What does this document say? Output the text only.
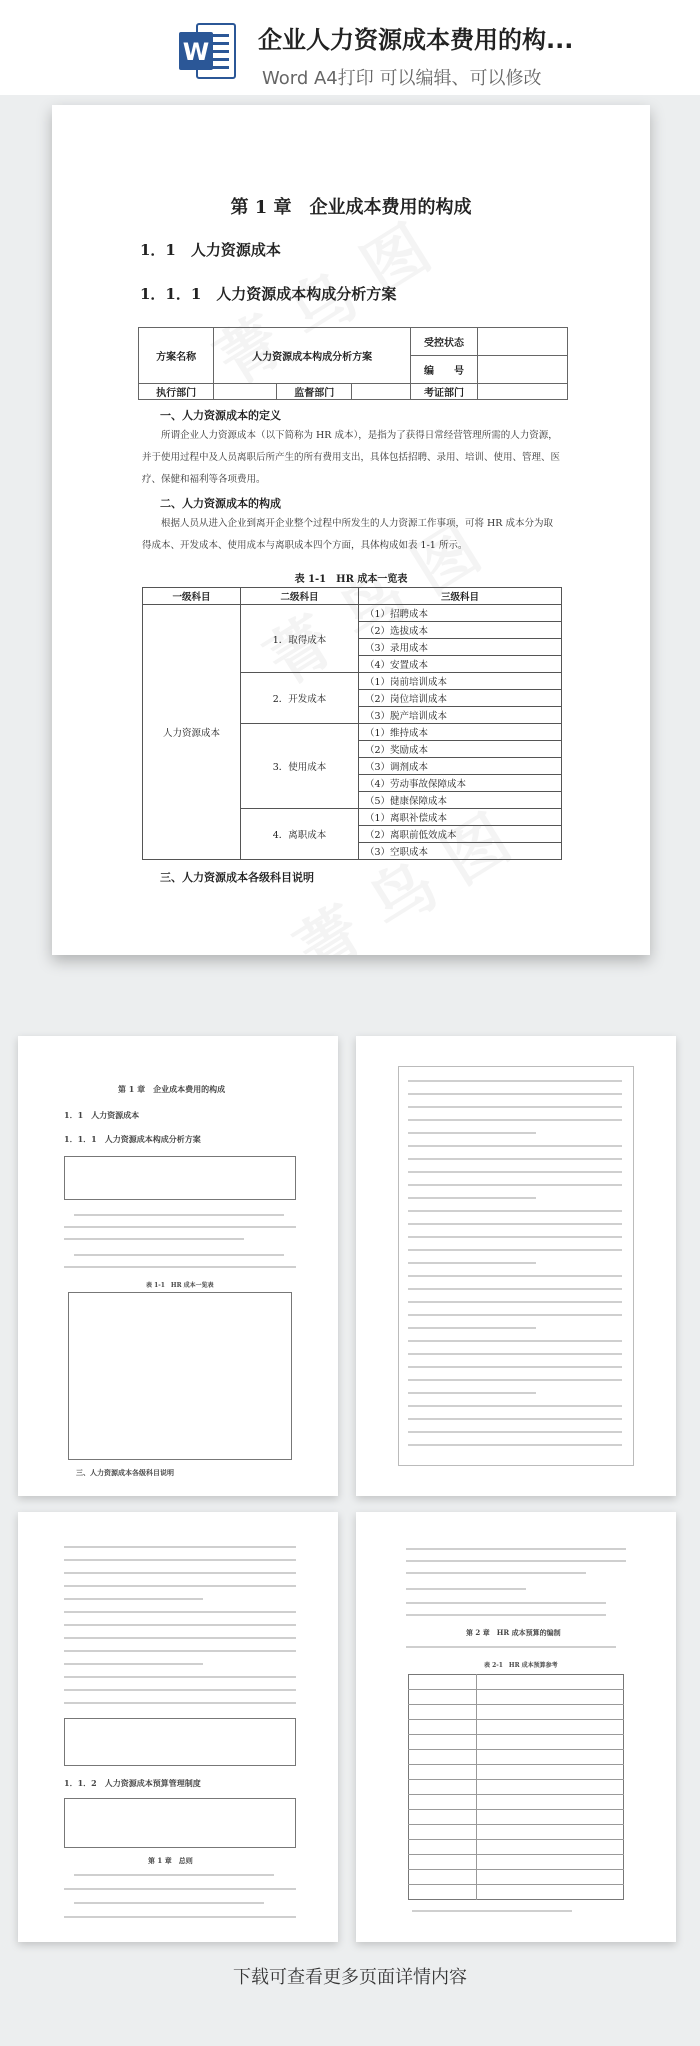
W 企业人力资源成本费用的构...
Word A4打印 可以编辑、可以修改
第 1 章　企业成本费用的构成
1．1　人力资源成本
1．1．1　人力资源成本构成分析方案
方案名称	人力资源成本构成分析方案			受控状态	
				编　　号	
执行部门		监督部门		考证部门	
一、人力资源成本的定义
所谓企业人力资源成本（以下简称为 HR 成本），是指为了获得日常经营管理所需的人力资源，并于使用过程中及人员离职后所产生的所有费用支出，具体包括招聘、录用、培训、使用、管理、医疗、保健和福利等各项费用。
二、人力资源成本的构成
根据人员从进入企业到离开企业整个过程中所发生的人力资源工作事项，可将 HR 成本分为取得成本、开发成本、使用成本与离职成本四个方面，具体构成如表 1-1 所示。
表 1-1　HR 成本一览表
一级科目	二级科目	三级科目
人力资源成本	1．取得成本	（1）招聘成本
		（2）选拔成本
		（3）录用成本
		（4）安置成本
	2．开发成本	（1）岗前培训成本
		（2）岗位培训成本
		（3）脱产培训成本
	3．使用成本	（1）维持成本
		（2）奖励成本
		（3）调剂成本
		（4）劳动事故保障成本
		（5）健康保障成本
	4．离职成本	（1）离职补偿成本
		（2）离职前低效成本
		（3）空职成本
三、人力资源成本各级科目说明
第 1 章　企业成本费用的构成
1．1　人力资源成本
1．1．1　人力资源成本构成分析方案
表 1-1　HR 成本一览表
三、人力资源成本各级科目说明
1．1．2　人力资源成本预算管理制度
第 1 章　总则
第 2 章　HR 成本预算的编制
表 2-1　HR 成本预算参考
下载可查看更多页面详情内容
